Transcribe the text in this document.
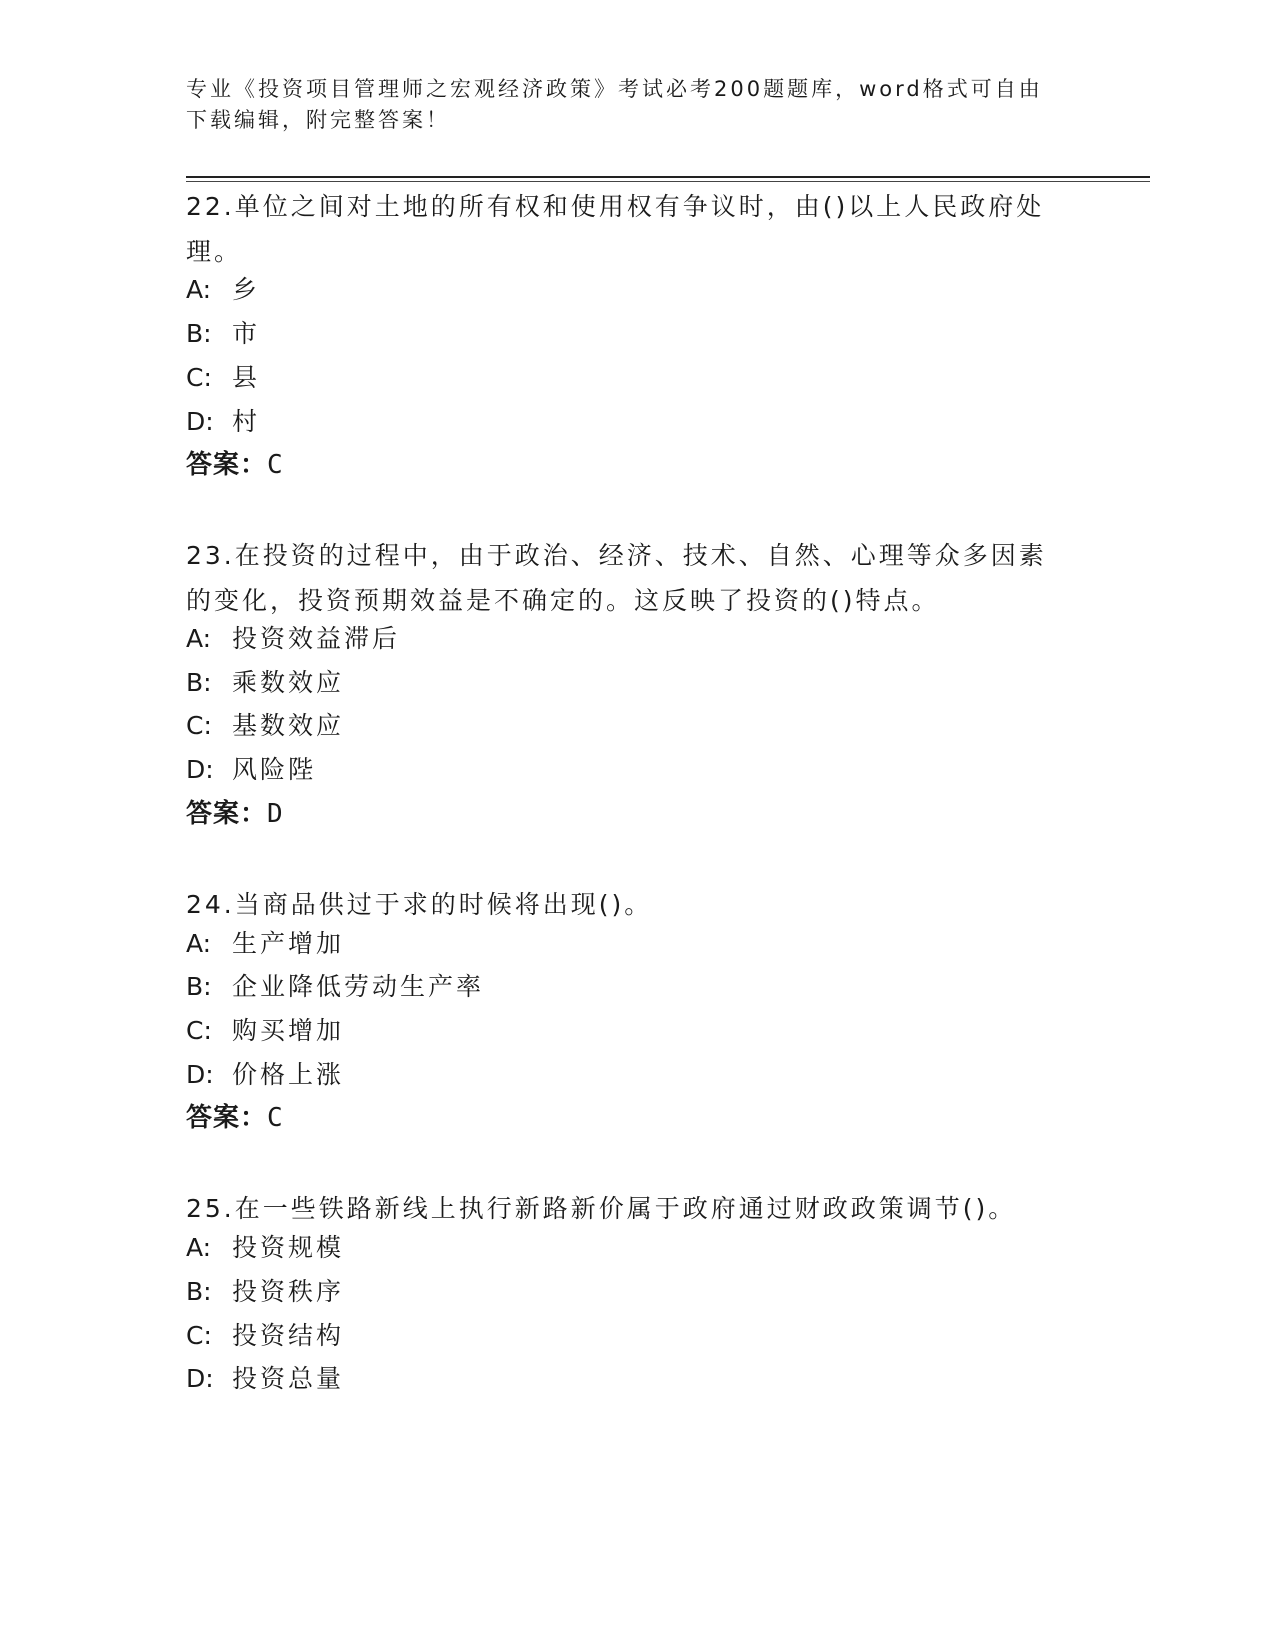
专业《投资项目管理师之宏观经济政策》考试必考200题题库，word格式可自由
下载编辑，附完整答案！
22.单位之间对土地的所有权和使用权有争议时，由()以上人民政府处
理。
A: 乡
B: 市
C: 县
D: 村
答案：C
23.在投资的过程中，由于政治、经济、技术、自然、心理等众多因素
的变化，投资预期效益是不确定的。这反映了投资的()特点。
A: 投资效益滞后
B: 乘数效应
C: 基数效应
D: 风险陛
答案：D
24.当商品供过于求的时候将出现()。
A: 生产增加
B: 企业降低劳动生产率
C: 购买增加
D: 价格上涨
答案：C
25.在一些铁路新线上执行新路新价属于政府通过财政政策调节()。
A: 投资规模
B: 投资秩序
C: 投资结构
D: 投资总量
